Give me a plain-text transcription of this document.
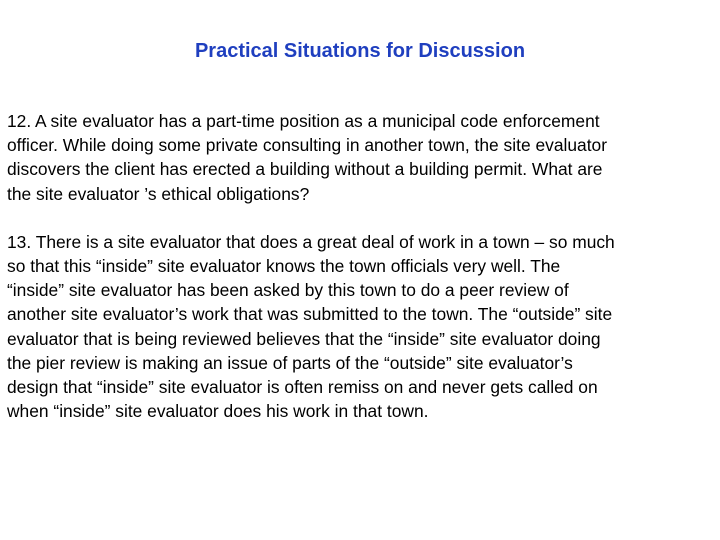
Practical Situations for Discussion

12. A site evaluator has a part-time position as a municipal code enforcement
officer. While doing some private consulting in another town, the site evaluator
discovers the client has erected a building without a building permit. What are
the site evaluator ’s ethical obligations?

13. There is a site evaluator that does a great deal of work in a town – so much
so that this “inside” site evaluator knows the town officials very well. The
“inside” site evaluator has been asked by this town to do a peer review of
another site evaluator’s work that was submitted to the town. The “outside” site
evaluator that is being reviewed believes that the “inside” site evaluator doing
the pier review is making an issue of parts of the “outside” site evaluator’s
design that “inside” site evaluator is often remiss on and never gets called on
when “inside” site evaluator does his work in that town.
